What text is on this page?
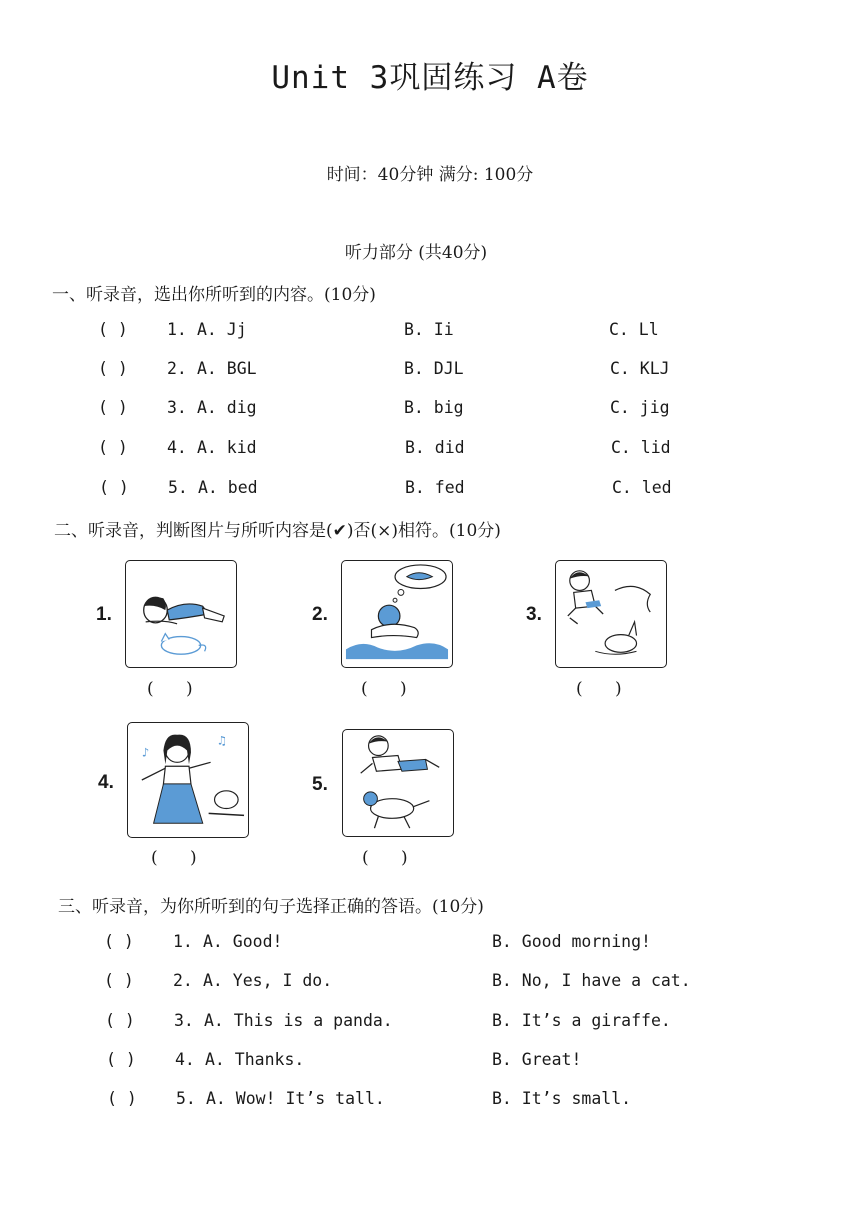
Unit 3巩固练习 A卷
时间：40分钟 满分: 100分
听力部分 (共40分)
一、听录音，选出你所听到的内容。(10分)
( ) 1. A. Jj	B. Ii	C. Ll
( ) 2. A. BGL	B. DJL	C. KLJ
( ) 3. A. dig	B. big	C. jig
( ) 4. A. kid	B. did	C. lid
( ) 5. A. bed	B. fed	C. led
二、听录音，判断图片与所听内容是(✔)否(×)相符。(10分)
1.
(      )
2.
(      )
3.
(      )
4.
♪
♫
(      )
5.
(      )
三、听录音，为你所听到的句子选择正确的答语。(10分)
( ) 1. A. Good!	B. Good morning!
( ) 2. A. Yes, I do.	B. No, I have a cat.
( ) 3. A. This is a panda.	B. It’s a giraffe.
( ) 4. A. Thanks.	B. Great!
( ) 5. A. Wow! It’s tall.	B. It’s small.
